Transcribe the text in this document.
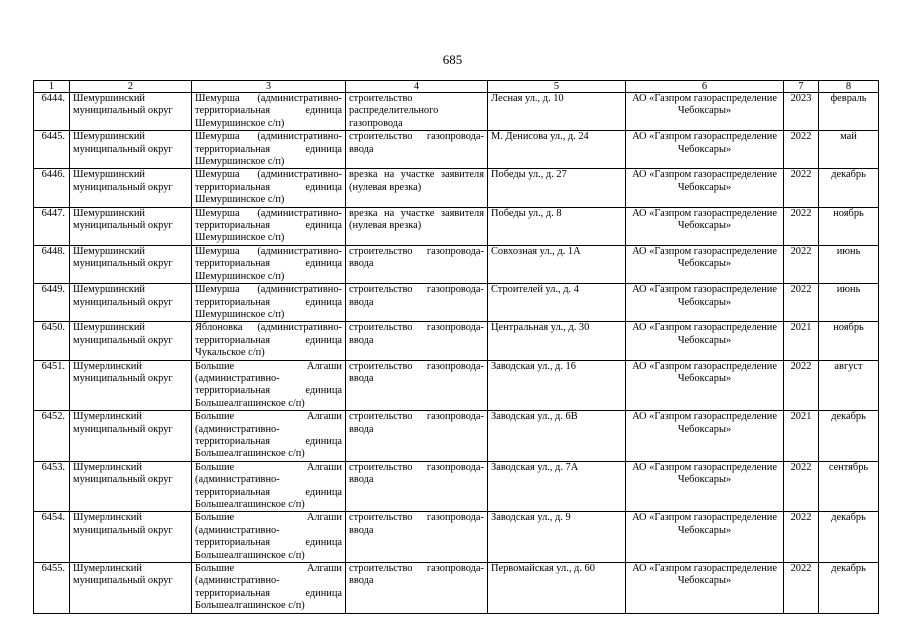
685
1	2	3	4	5	6	7	8
6444.	Шемуршинский муниципальный округ	Шемурша (административно-территориальная единица Шемуршинское с/п)	строительство распределительного газопровода	Лесная ул., д. 10	АО «Газпром газораспределение Чебоксары»	2023	февраль
6445.	Шемуршинский муниципальный округ	Шемурша (административно-территориальная единица Шемуршинское с/п)	строительство газопровода-ввода	М. Денисова ул., д. 24	АО «Газпром газораспределение Чебоксары»	2022	май
6446.	Шемуршинский муниципальный округ	Шемурша (административно-территориальная единица Шемуршинское с/п)	врезка на участке заявителя (нулевая врезка)	Победы ул., д. 27	АО «Газпром газораспределение Чебоксары»	2022	декабрь
6447.	Шемуршинский муниципальный округ	Шемурша (административно-территориальная единица Шемуршинское с/п)	врезка на участке заявителя (нулевая врезка)	Победы ул., д. 8	АО «Газпром газораспределение Чебоксары»	2022	ноябрь
6448.	Шемуршинский муниципальный округ	Шемурша (административно-территориальная единица Шемуршинское с/п)	строительство газопровода-ввода	Совхозная ул., д. 1А	АО «Газпром газораспределение Чебоксары»	2022	июнь
6449.	Шемуршинский муниципальный округ	Шемурша (административно-территориальная единица Шемуршинское с/п)	строительство газопровода-ввода	Строителей ул., д. 4	АО «Газпром газораспределение Чебоксары»	2022	июнь
6450.	Шемуршинский муниципальный округ	Яблоновка (административно-территориальная единица Чукальское с/п)	строительство газопровода-ввода	Центральная ул., д. 30	АО «Газпром газораспределение Чебоксары»	2021	ноябрь
6451.	Шумерлинский муниципальный округ	Большие Алгаши (административно-территориальная единица Большеалгашинское с/п)	строительство газопровода-ввода	Заводская ул., д. 16	АО «Газпром газораспределение Чебоксары»	2022	август
6452.	Шумерлинский муниципальный округ	Большие Алгаши (административно-территориальная единица Большеалгашинское с/п)	строительство газопровода-ввода	Заводская ул., д. 6В	АО «Газпром газораспределение Чебоксары»	2021	декабрь
6453.	Шумерлинский муниципальный округ	Большие Алгаши (административно-территориальная единица Большеалгашинское с/п)	строительство газопровода-ввода	Заводская ул., д. 7А	АО «Газпром газораспределение Чебоксары»	2022	сентябрь
6454.	Шумерлинский муниципальный округ	Большие Алгаши (административно-территориальная единица Большеалгашинское с/п)	строительство газопровода-ввода	Заводская ул., д. 9	АО «Газпром газораспределение Чебоксары»	2022	декабрь
6455.	Шумерлинский муниципальный округ	Большие Алгаши (административно-территориальная единица Большеалгашинское с/п)	строительство газопровода-ввода	Первомайская ул., д. 60	АО «Газпром газораспределение Чебоксары»	2022	декабрь
